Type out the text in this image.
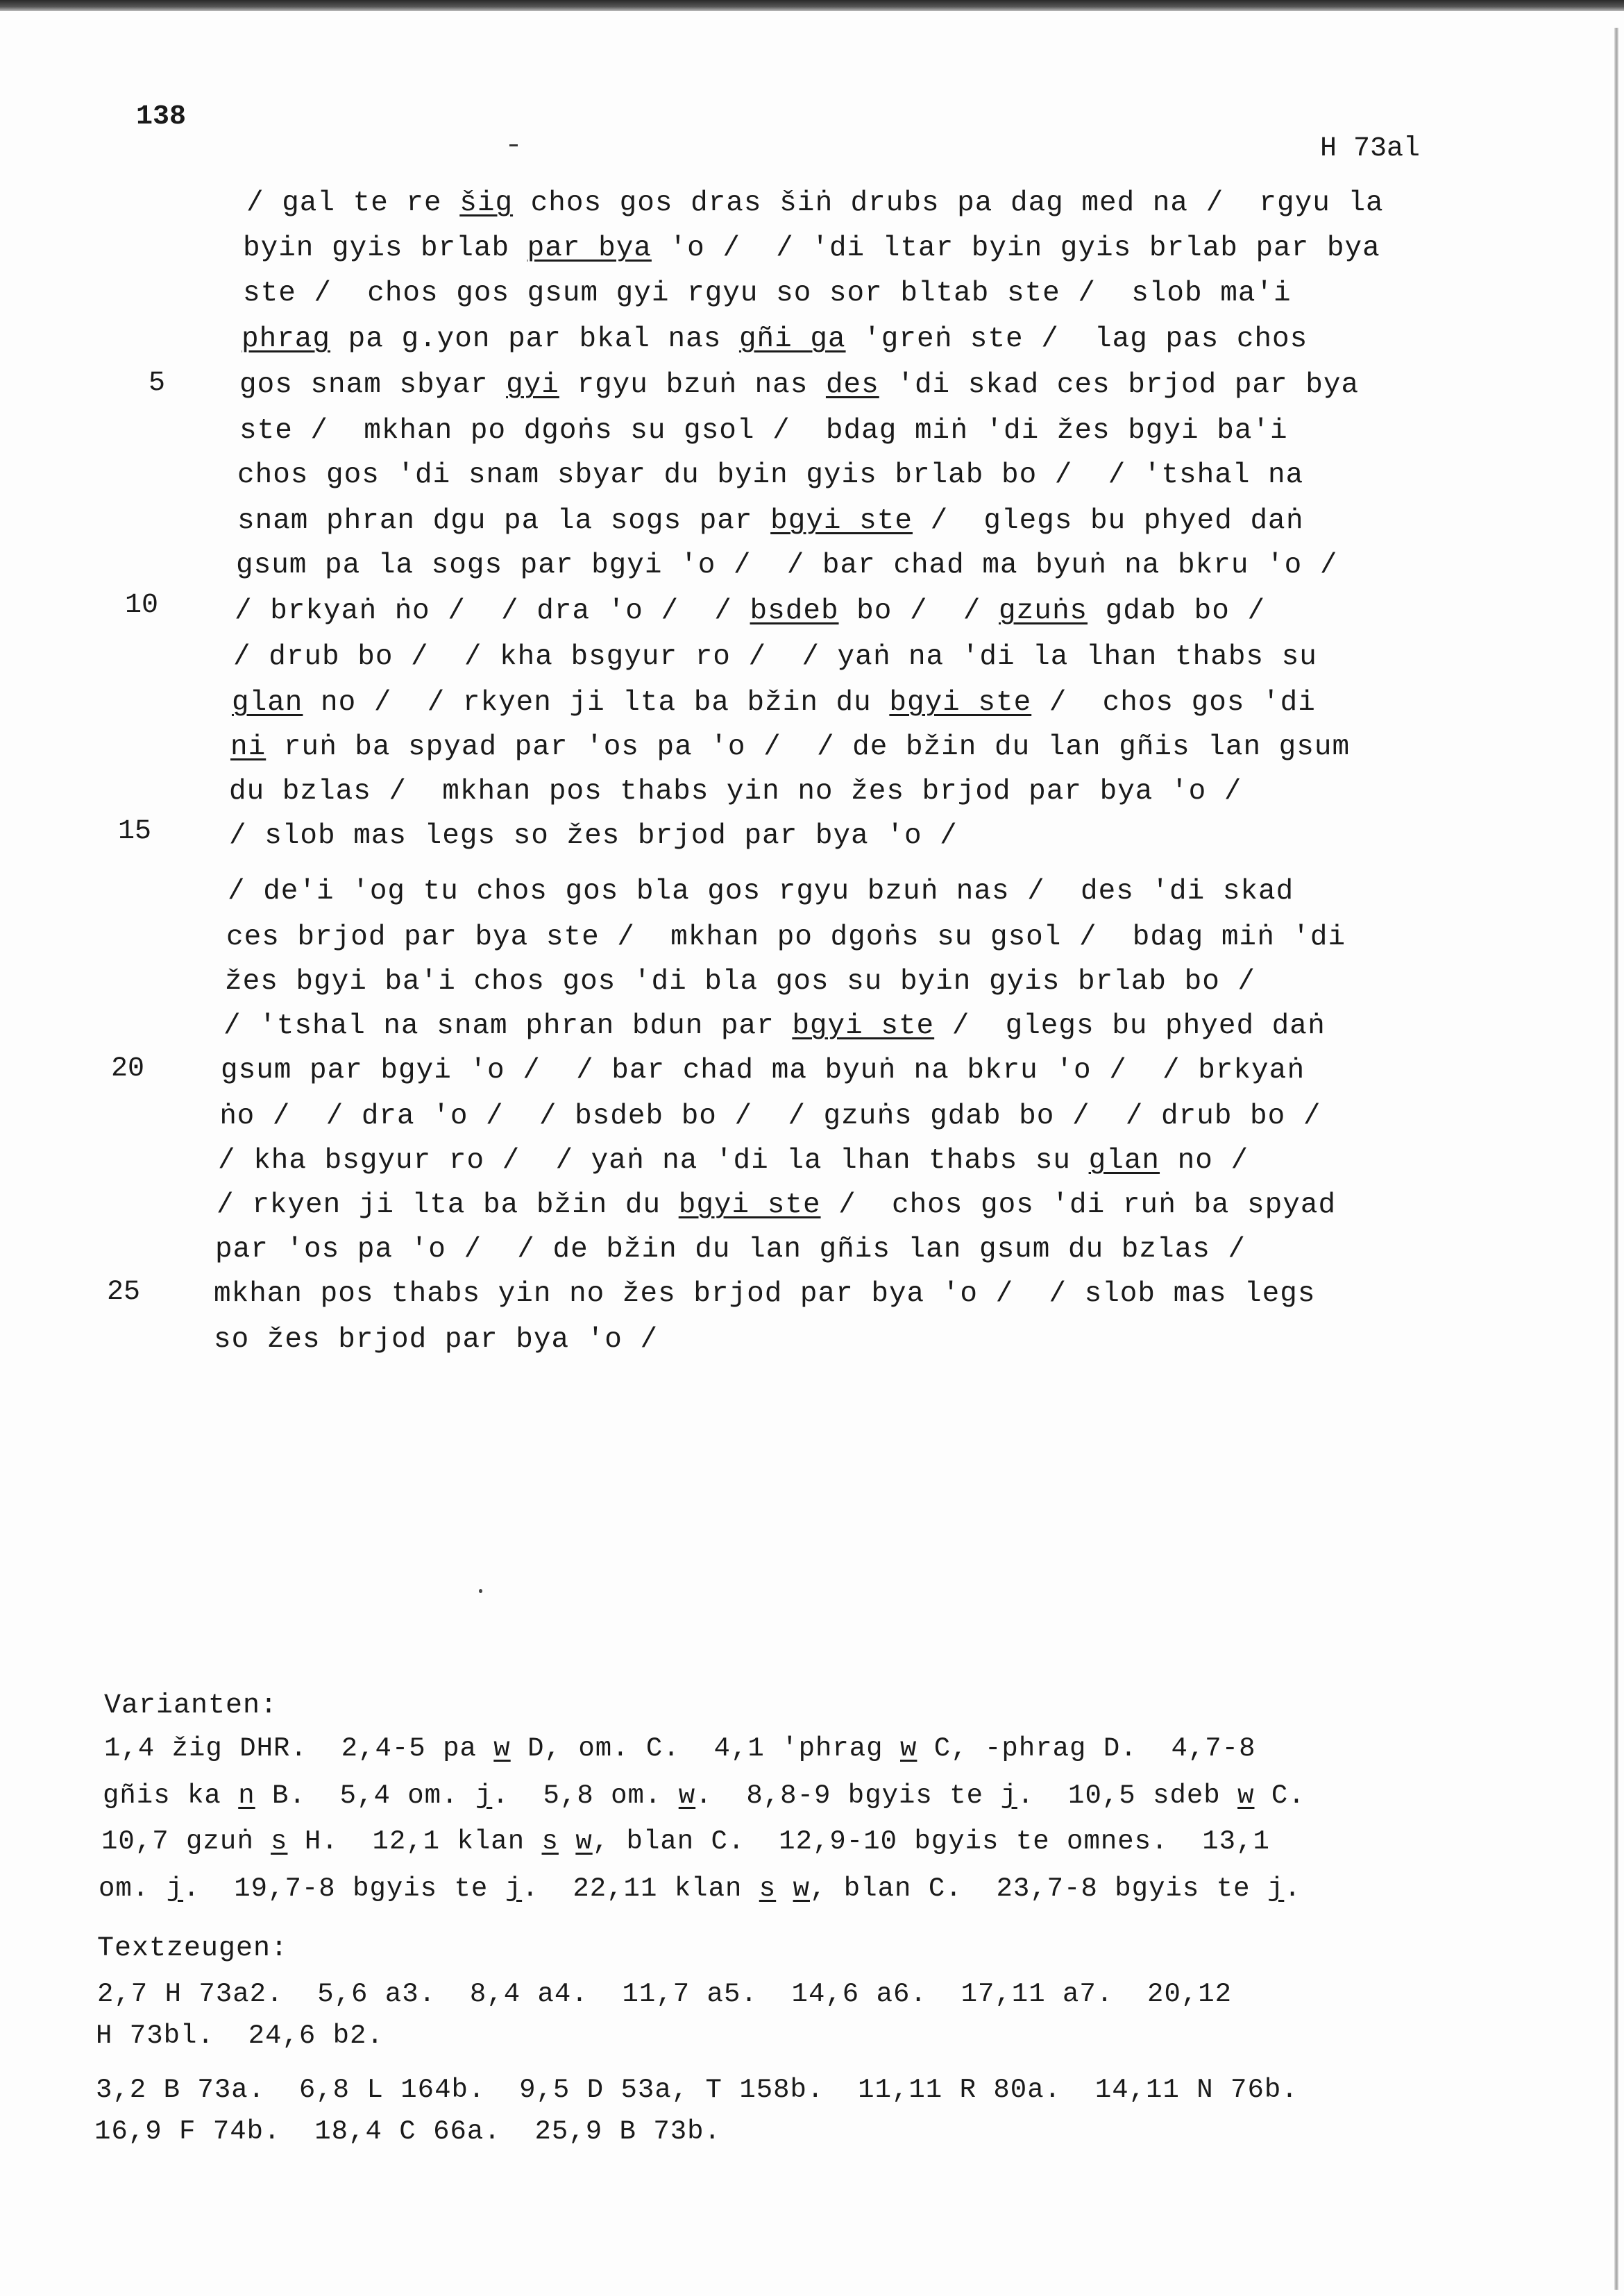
138
H 73al
/ gal te re šig chos gos dras šiṅ drubs pa dag med na /  rgyu la
byin gyis brlab par bya 'o /  / 'di ltar byin gyis brlab par bya
ste /  chos gos gsum gyi rgyu so sor bltab ste /  slob ma'i
phrag pa g.yon par bkal nas gñi ga 'greṅ ste /  lag pas chos
gos snam sbyar gyi rgyu bzuṅ nas des 'di skad ces brjod par bya
ste /  mkhan po dgoṅs su gsol /  bdag miṅ 'di žes bgyi ba'i
chos gos 'di snam sbyar du byin gyis brlab bo /  / 'tshal na
snam phran dgu pa la sogs par bgyi ste /  glegs bu phyed daṅ
gsum pa la sogs par bgyi 'o /  / bar chad ma byuṅ na bkru 'o /
/ brkyaṅ ṅo /  / dra 'o /  / bsdeb bo /  / gzuṅs gdab bo /
/ drub bo /  / kha bsgyur ro /  / yaṅ na 'di la lhan thabs su
glan no /  / rkyen ji lta ba bžin du bgyi ste /  chos gos 'di
ni ruṅ ba spyad par 'os pa 'o /  / de bžin du lan gñis lan gsum
du bzlas /  mkhan pos thabs yin no žes brjod par bya 'o /
/ slob mas legs so žes brjod par bya 'o /
/ de'i 'og tu chos gos bla gos rgyu bzuṅ nas /  des 'di skad
ces brjod par bya ste /  mkhan po dgoṅs su gsol /  bdag miṅ 'di
žes bgyi ba'i chos gos 'di bla gos su byin gyis brlab bo /
/ 'tshal na snam phran bdun par bgyi ste /  glegs bu phyed daṅ
gsum par bgyi 'o /  / bar chad ma byuṅ na bkru 'o /  / brkyaṅ
ṅo /  / dra 'o /  / bsdeb bo /  / gzuṅs gdab bo /  / drub bo /
/ kha bsgyur ro /  / yaṅ na 'di la lhan thabs su glan no /
/ rkyen ji lta ba bžin du bgyi ste /  chos gos 'di ruṅ ba spyad
par 'os pa 'o /  / de bžin du lan gñis lan gsum du bzlas /
mkhan pos thabs yin no žes brjod par bya 'o /  / slob mas legs
so žes brjod par bya 'o /
5
10
15
20
25
Varianten:
1,4 žig DHR.  2,4-5 pa w D, om. C.  4,1 'phrag w C, -phrag D.  4,7-8
gñis ka n B.  5,4 om. j.  5,8 om. w.  8,8-9 bgyis te j.  10,5 sdeb w C.
10,7 gzuṅ s H.  12,1 klan s w, blan C.  12,9-10 bgyis te omnes.  13,1
om. j.  19,7-8 bgyis te j.  22,11 klan s w, blan C.  23,7-8 bgyis te j.
Textzeugen:
2,7 H 73a2.  5,6 a3.  8,4 a4.  11,7 a5.  14,6 a6.  17,11 a7.  20,12
H 73bl.  24,6 b2.
3,2 B 73a.  6,8 L 164b.  9,5 D 53a, T 158b.  11,11 R 80a.  14,11 N 76b.
16,9 F 74b.  18,4 C 66a.  25,9 B 73b.
